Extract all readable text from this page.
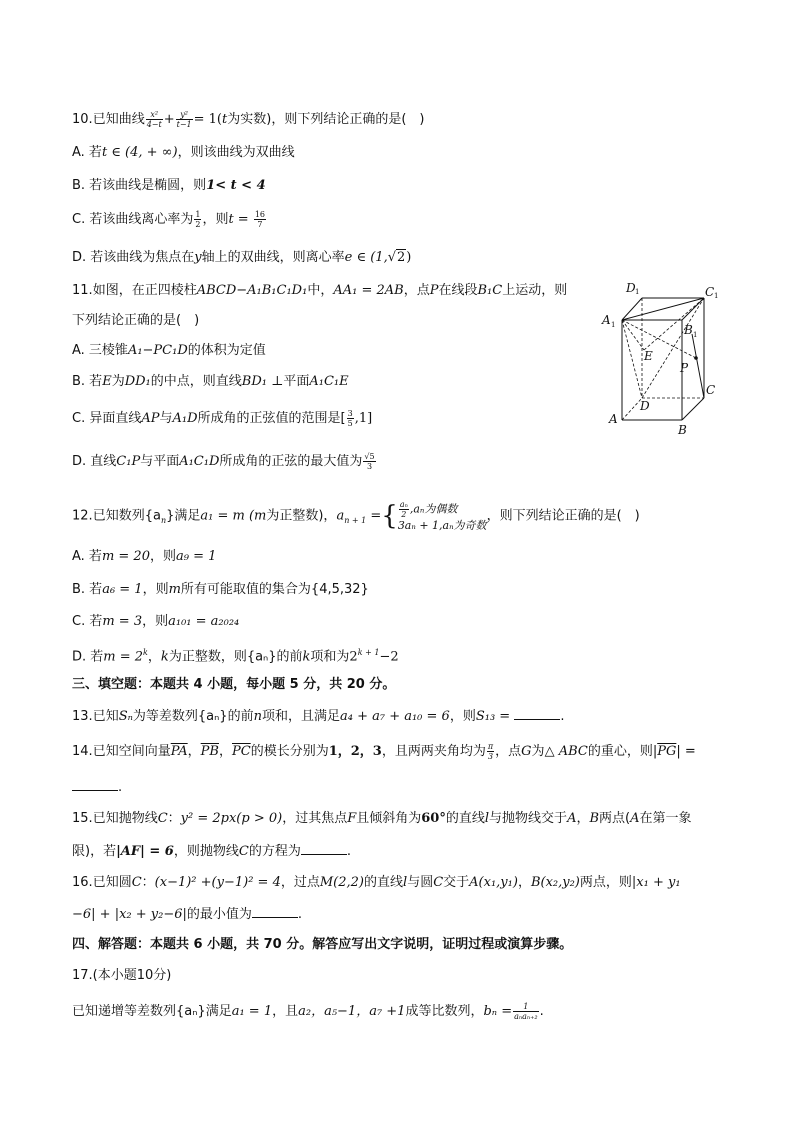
10.已知曲线 $\frac{\text{x²}}{4-t} + \frac{\text{y²}}{t-1} = 1(t$为实数)，则下列结论正确的是(　)
A. 若t ∈ (4, + ∞)，则该曲线为双曲线
B. 若该曲线是椭圆，则1< t < 4
C. 若该曲线离心率为 $\frac{1}{2}$ ，则$t = \frac{16}{7}$
D. 若该曲线为焦点在y轴上的双曲线，则离心率e ∈ (1,√2)
11.如图，在正四棱柱ABCD−A₁B₁C₁D₁中，AA₁ = 2AB，点P在线段B₁C上运动，则
下列结论正确的是(　)
A. 三棱锥A₁−PC₁D的体积为定值
B. 若E为DD₁的中点，则直线BD₁ ⊥平面A₁C₁E
C. 异面直线AP与A₁D所成角的正弦值的范围是[ $\frac{3}{5} ,1$]
D. 直线C₁P与平面A₁C₁D所成角的正弦的最大值为 $\frac{√5}{3}$
D 1	C 1
A 1	B 1
E
P
C
D
A
B
12.已知数列$\{a_n\}$满足a₁ = m (m为正整数)，$a_{n + 1}$ ={ $\frac{\text{aₙ}}{2} ,a_n$为偶数
3aₙ + 1,aₙ为奇数
，则下列结论正确的是(　)
A. 若m = 20，则a₉ = 1
B. 若a₆ = 1，则m所有可能取值的集合为{4,5,32}
C. 若m = 3，则a₁₀₁ = a₂₀₂₄
D. 若$m = 2^k$，k为正整数，则{aₙ}的前k项和为$2^{k + 1}-2$
三、填空题：本题共 4 小题，每小题 5 分，共 20 分。
13.已知Sₙ为等差数列{aₙ}的前n项和，且满足a₄ + a₇ + a₁₀ = 6，则S₁₃ =	.
14.已知空间向量$\overline{PA}$，$\overline{PB}$，$\overline{PC}$的模长分别为1，2，3，且两两夹角均为 $\frac{\pi}{3}$ ，点G为△ ABC的重心，则$|\overline{PG}|$ =
.
15.已知抛物线C：y² = 2px(p > 0)，过其焦点F且倾斜角为60°的直线l与抛物线交于A，B两点(A在第一象
限)，若|AF| = 6，则抛物线C的方程为	.
16.已知圆C：(x−1)² +(y−1)² = 4，过点M(2,2)的直线l与圆C交于A(x₁,y₁)，B(x₂,y₂)两点，则|x₁ + y₁
−6| + |x₂ + y₂−6|的最小值为	.
四、解答题：本题共 6 小题，共 70 分。解答应写出文字说明，证明过程或演算步骤。
17.(本小题10分)
已知递增等差数列{aₙ}满足a₁ = 1，且a₂，a₅−1，a₇ +1成等比数列，$b_n = \frac{1}{\text{aₙaₙ₊₂}}$ .
